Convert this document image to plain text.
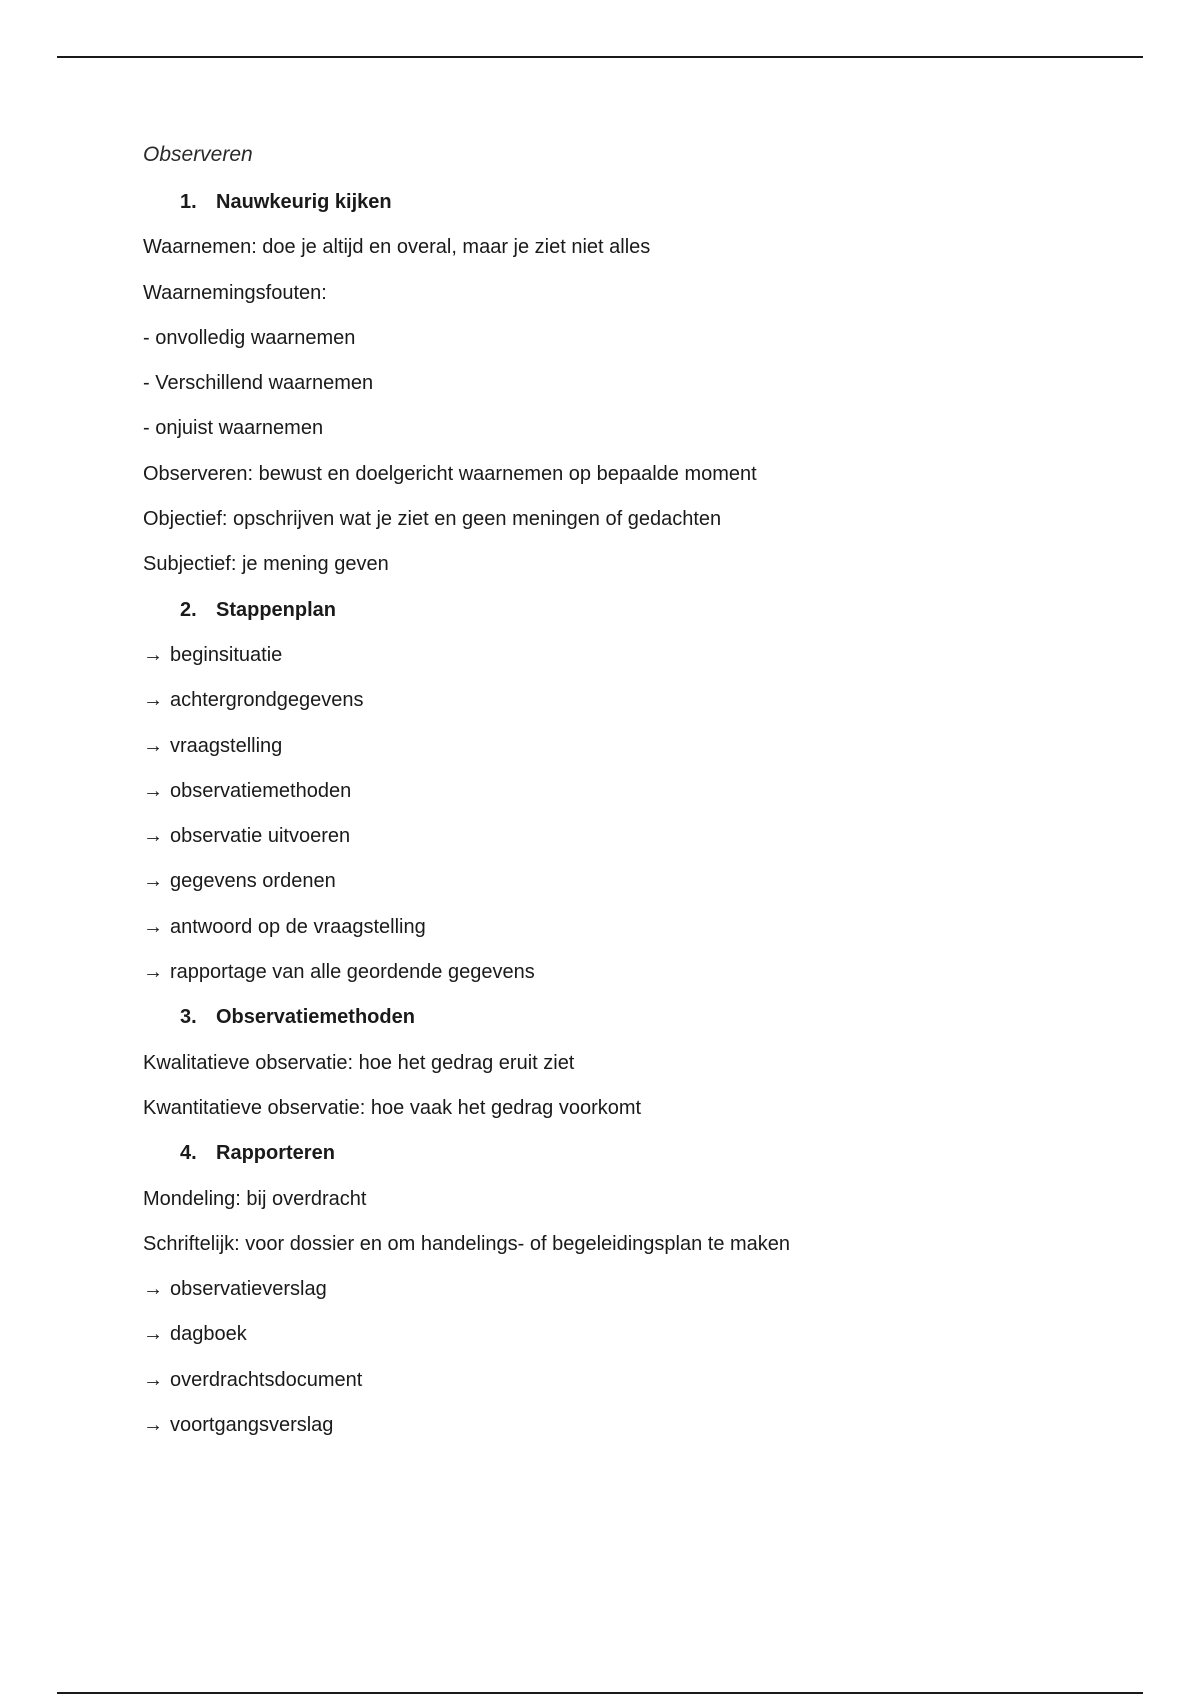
Observeren
1. Nauwkeurig kijken
Waarnemen: doe je altijd en overal, maar je ziet niet alles
Waarnemingsfouten:
- onvolledig waarnemen
- Verschillend waarnemen
- onjuist waarnemen
Observeren: bewust en doelgericht waarnemen op bepaalde moment
Objectief: opschrijven wat je ziet en geen meningen of gedachten
Subjectief: je mening geven
2. Stappenplan
→ beginsituatie
→ achtergrondgegevens
→ vraagstelling
→ observatiemethoden
→ observatie uitvoeren
→ gegevens ordenen
→ antwoord op de vraagstelling
→ rapportage van alle geordende gegevens
3. Observatiemethoden
Kwalitatieve observatie: hoe het gedrag eruit ziet
Kwantitatieve observatie: hoe vaak het gedrag voorkomt
4. Rapporteren
Mondeling: bij overdracht
Schriftelijk: voor dossier en om handelings- of begeleidingsplan te maken
→ observatieverslag
→ dagboek
→ overdrachtsdocument
→ voortgangsverslag
